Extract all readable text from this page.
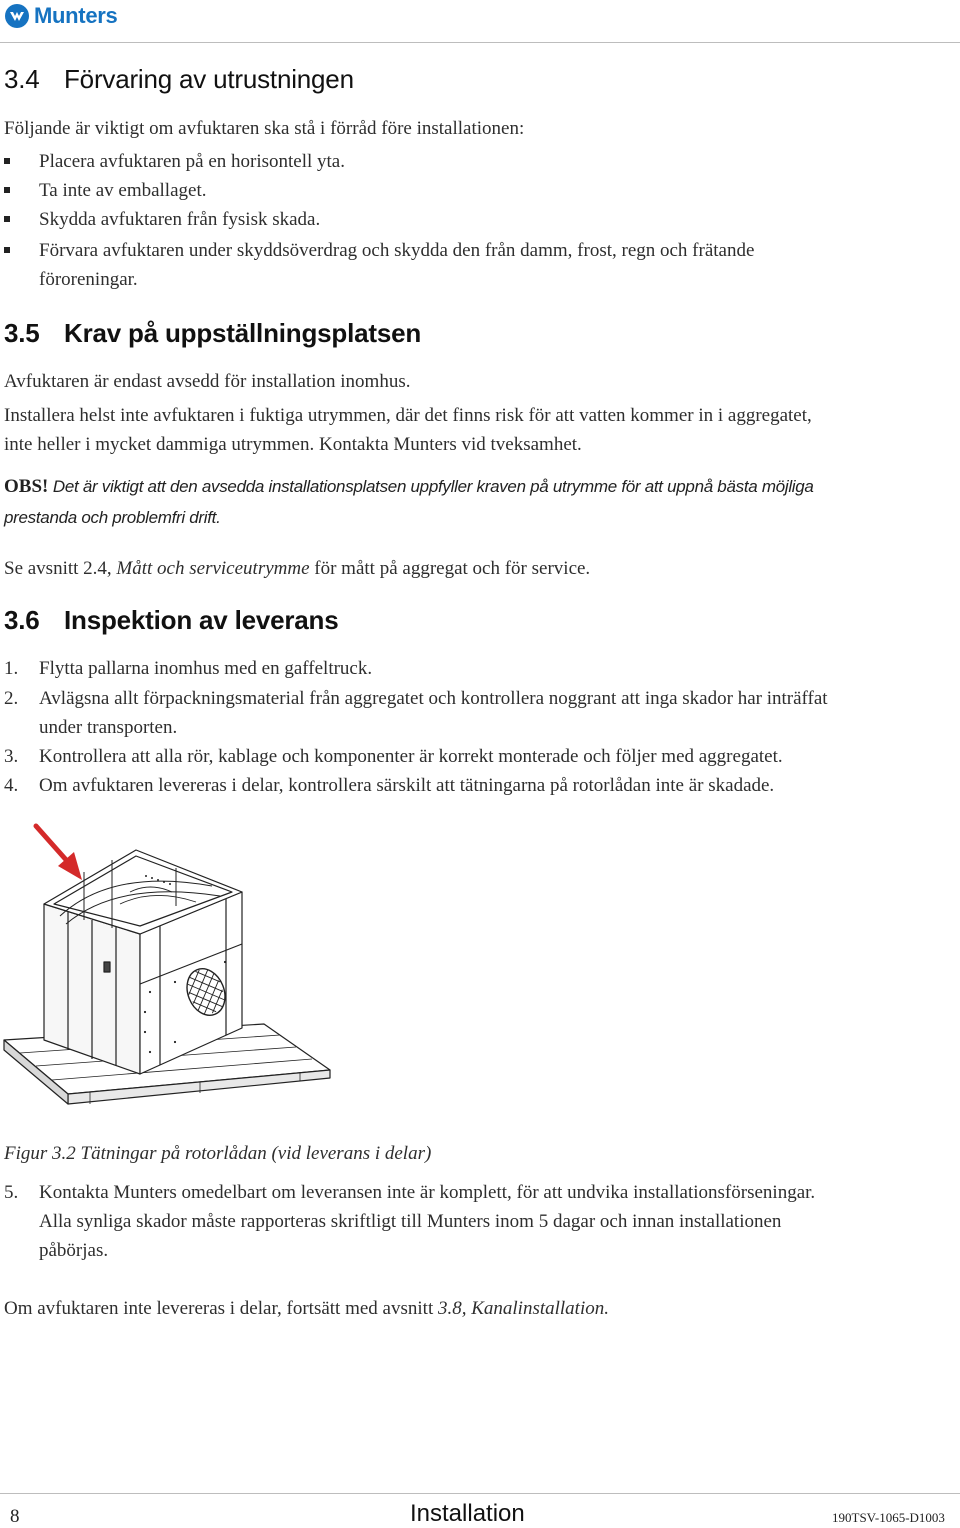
Munters
3.4 Förvaring av utrustningen
Följande är viktigt om avfuktaren ska stå i förråd före installationen:
Placera avfuktaren på en horisontell yta.
Ta inte av emballaget.
Skydda avfuktaren från fysisk skada.
Förvara avfuktaren under skyddsöverdrag och skydda den från damm, frost, regn och frätande
föroreningar.
3.5 Krav på uppställningsplatsen
Avfuktaren är endast avsedd för installation inomhus.
Installera helst inte avfuktaren i fuktiga utrymmen, där det finns risk för att vatten kommer in i aggregatet,
inte heller i mycket dammiga utrymmen. Kontakta Munters vid tveksamhet.
OBS! Det är viktigt att den avsedda installationsplatsen uppfyller kraven på utrymme för att uppnå bästa möjliga
prestanda och problemfri drift.
Se avsnitt 2.4, Mått och serviceutrymme för mått på aggregat och för service.
3.6 Inspektion av leverans
1. Flytta pallarna inomhus med en gaffeltruck.
2. Avlägsna allt förpackningsmaterial från aggregatet och kontrollera noggrant att inga skador har inträffat
under transporten.
3. Kontrollera att alla rör, kablage och komponenter är korrekt monterade och följer med aggregatet.
4. Om avfuktaren levereras i delar, kontrollera särskilt att tätningarna på rotorlådan inte är skadade.
Figur 3.2 Tätningar på rotorlådan (vid leverans i delar)
5. Kontakta Munters omedelbart om leveransen inte är komplett, för att undvika installationsförseningar.
Alla synliga skador måste rapporteras skriftligt till Munters inom 5 dagar och innan installationen
påbörjas.
Om avfuktaren inte levereras i delar, fortsätt med avsnitt 3.8, Kanalinstallation.
8	Installation	190TSV-1065-D1003
